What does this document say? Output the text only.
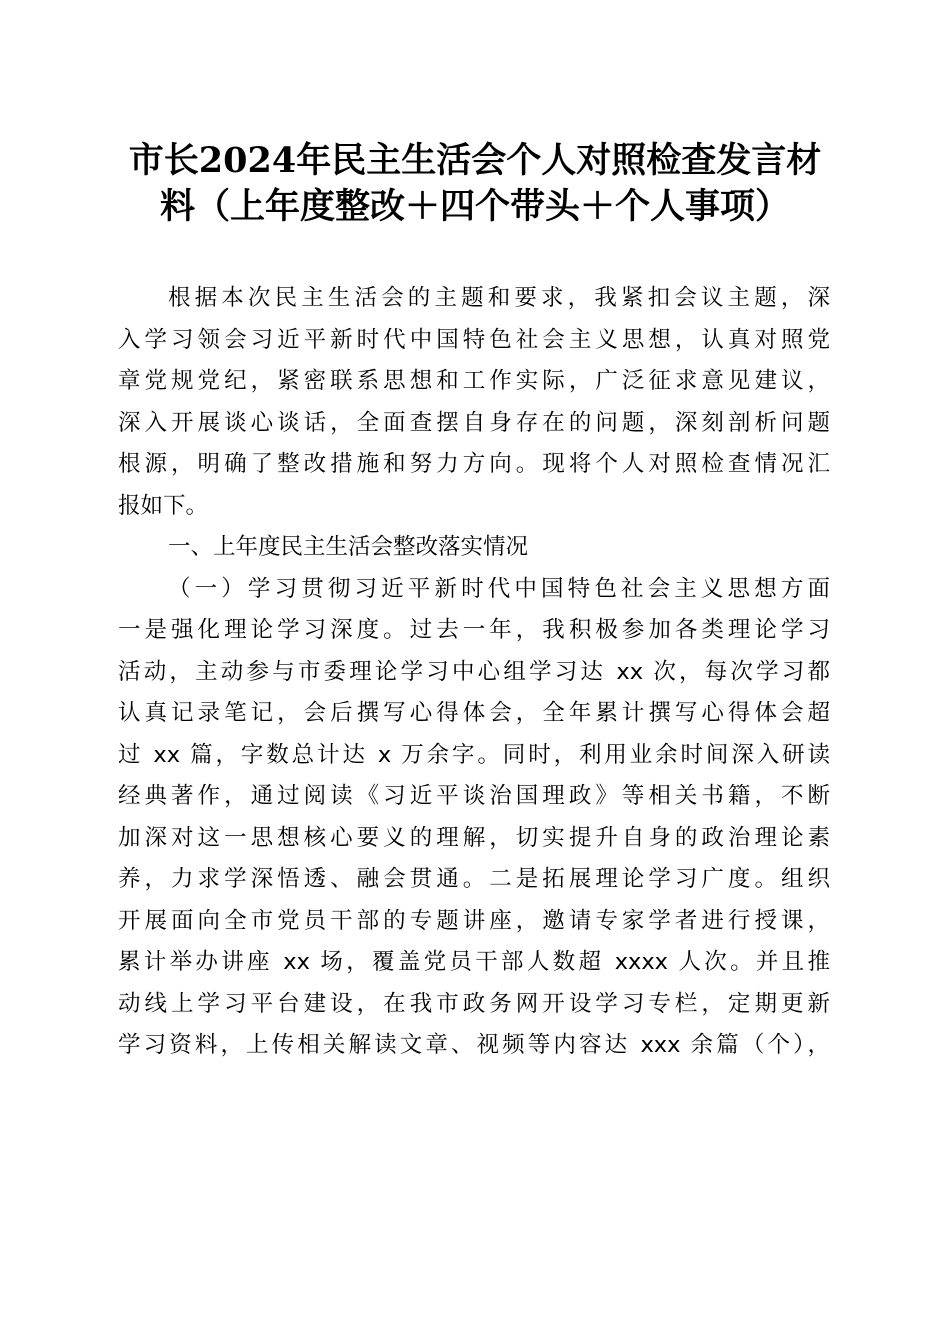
市长2024年民主生活会个人对照检查发言材
料（上年度整改＋四个带头＋个人事项）
根据本次民主生活会的主题和要求，我紧扣会议主题，深
入学习领会习近平新时代中国特色社会主义思想，认真对照党
章党规党纪，紧密联系思想和工作实际，广泛征求意见建议，
深入开展谈心谈话，全面查摆自身存在的问题，深刻剖析问题
根源，明确了整改措施和努力方向。现将个人对照检查情况汇
报如下。
一、上年度民主生活会整改落实情况
（一）学习贯彻习近平新时代中国特色社会主义思想方面
一是强化理论学习深度。过去一年，我积极参加各类理论学习
活动，主动参与市委理论学习中心组学习达 xx 次，每次学习都
认真记录笔记，会后撰写心得体会，全年累计撰写心得体会超
过 xx 篇，字数总计达 x 万余字。同时，利用业余时间深入研读
经典著作，通过阅读《习近平谈治国理政》等相关书籍，不断
加深对这一思想核心要义的理解，切实提升自身的政治理论素
养，力求学深悟透、融会贯通。二是拓展理论学习广度。组织
开展面向全市党员干部的专题讲座，邀请专家学者进行授课，
累计举办讲座 xx 场，覆盖党员干部人数超 xxxx 人次。并且推
动线上学习平台建设，在我市政务网开设学习专栏，定期更新
学习资料，上传相关解读文章、视频等内容达 xxx 余篇（个），
